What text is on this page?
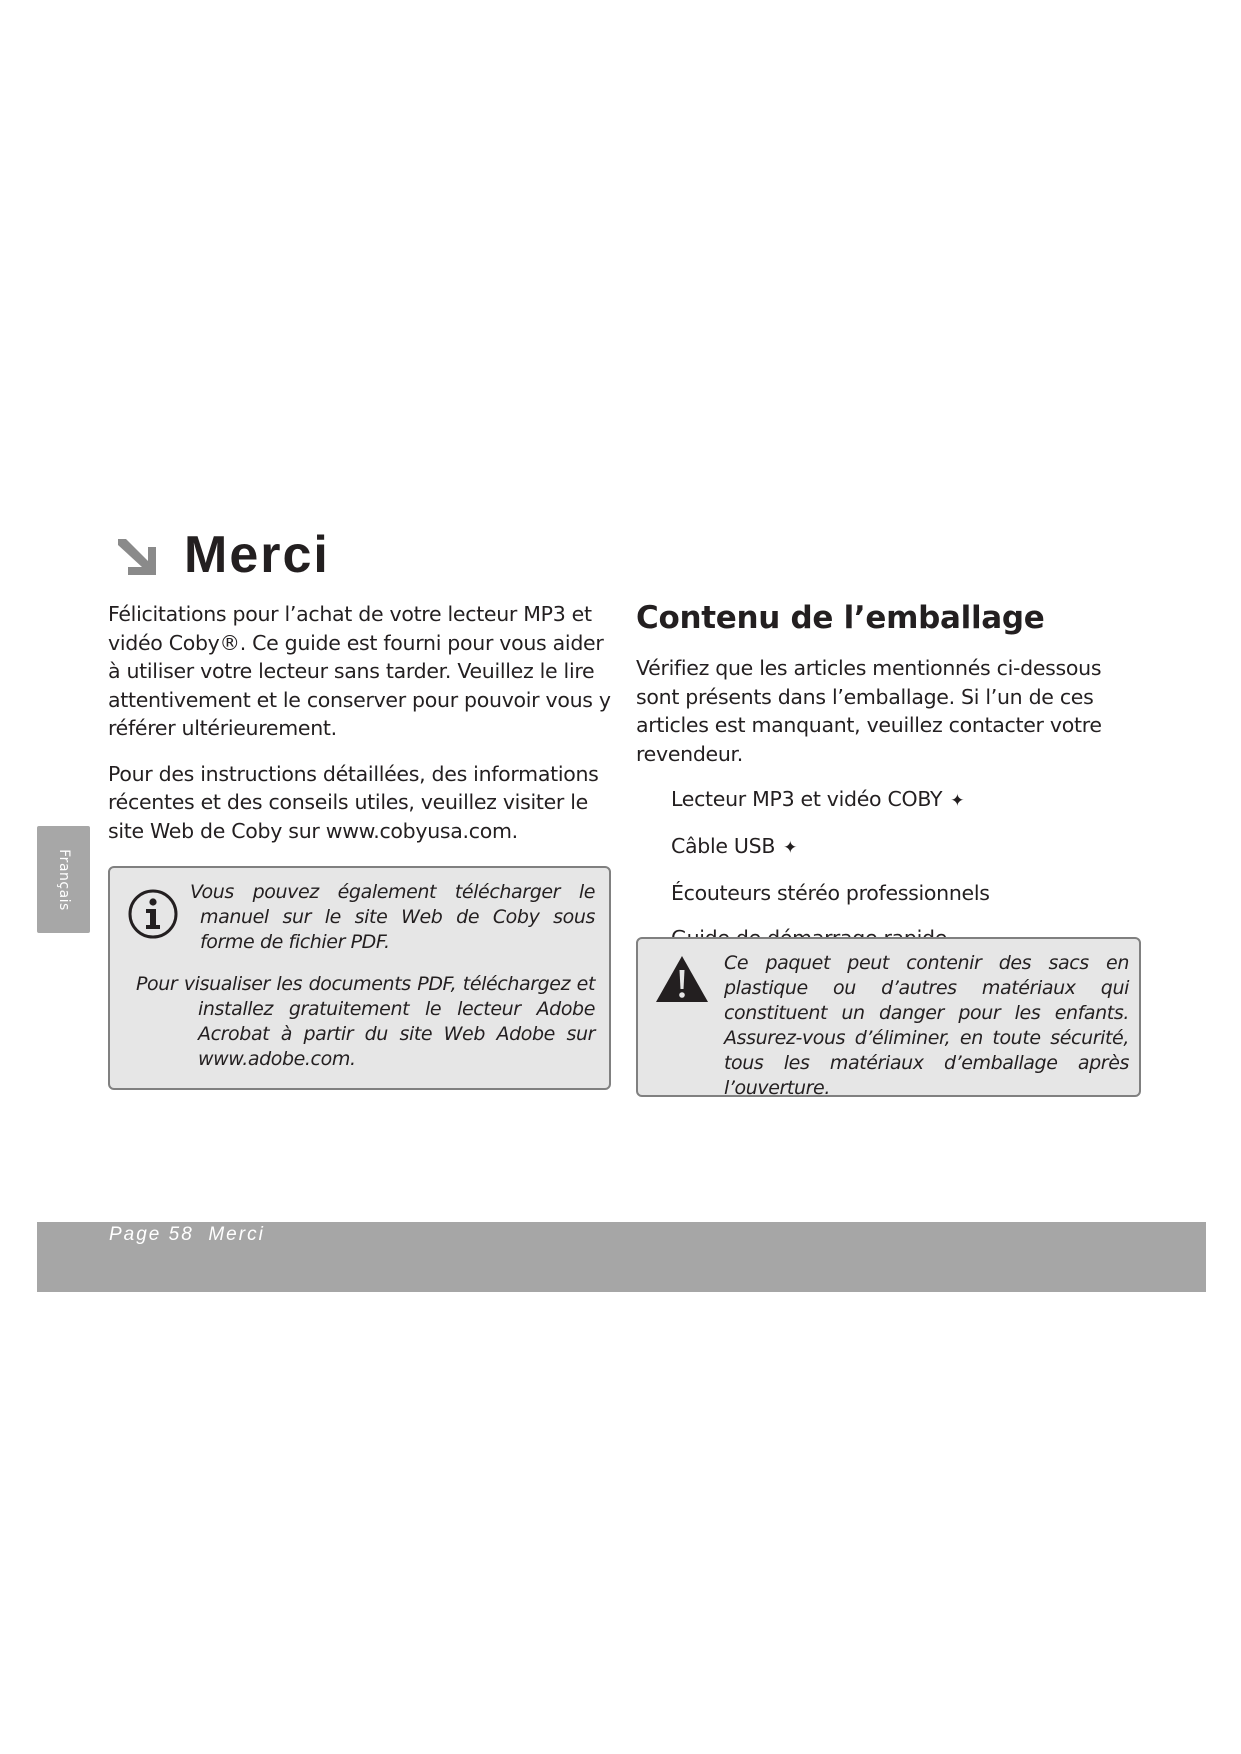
Merci

Félicitations pour l’achat de votre lecteur MP3 et vidéo Coby®. Ce guide est fourni pour vous aider à utiliser votre lecteur sans tarder. Veuillez le lire attentivement et le conserver pour pouvoir vous y référer ultérieurement.

Pour des instructions détaillées, des informations récentes et des conseils utiles, veuillez visiter le site Web de Coby sur www.cobyusa.com.

Vous pouvez également télécharger le manuel sur le site Web de Coby sous forme de fichier PDF.
Pour visualiser les documents PDF, téléchargez et installez gratuitement le lecteur Adobe Acrobat à partir du site Web Adobe sur www.adobe.com.
Contenu de l’emballage

Vérifiez que les articles mentionnés ci-dessous sont présents dans l’emballage. Si l’un de ces articles est manquant, veuillez contacter votre revendeur.

Lecteur MP3 et vidéo COBY ✦
Câble USB ✦
Écouteurs stéréo professionnels
Ce paquet peut contenir des sacs en plastique ou d’autres matériaux qui constituent un danger pour les enfants. Assurez-vous d’éliminer, en toute sécurité, tous les matériaux d’emballage après l’ouverture.
Français
Page 58  Merci
